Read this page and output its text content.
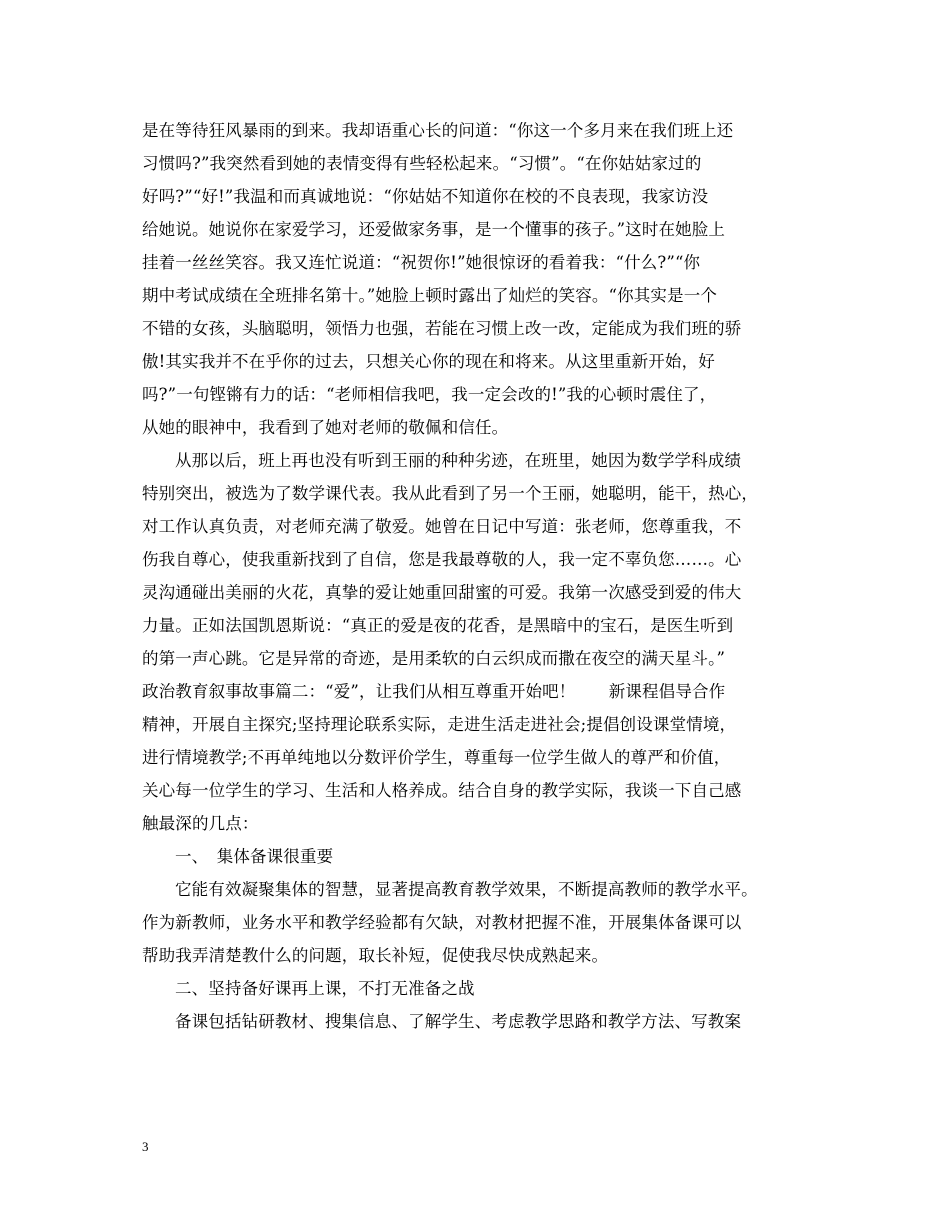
是在等待狂风暴雨的到来。我却语重心长的问道：“你这一个多月来在我们班上还
习惯吗?”我突然看到她的表情变得有些轻松起来。“习惯”。“在你姑姑家过的
好吗?”“好!”我温和而真诚地说：“你姑姑不知道你在校的不良表现，我家访没
给她说。她说你在家爱学习，还爱做家务事，是一个懂事的孩子。”这时在她脸上
挂着一丝丝笑容。我又连忙说道：“祝贺你!”她很惊讶的看着我：“什么?”“你
期中考试成绩在全班排名第十。”她脸上顿时露出了灿烂的笑容。“你其实是一个
不错的女孩，头脑聪明，领悟力也强，若能在习惯上改一改，定能成为我们班的骄
傲!其实我并不在乎你的过去，只想关心你的现在和将来。从这里重新开始，好
吗?”一句铿锵有力的话：“老师相信我吧，我一定会改的!”我的心顿时震住了，
从她的眼神中，我看到了她对老师的敬佩和信任。
从那以后，班上再也没有听到王丽的种种劣迹，在班里，她因为数学学科成绩
特别突出，被选为了数学课代表。我从此看到了另一个王丽，她聪明，能干，热心，
对工作认真负责，对老师充满了敬爱。她曾在日记中写道：张老师，您尊重我，不
伤我自尊心，使我重新找到了自信，您是我最尊敬的人，我一定不辜负您……。心
灵沟通碰出美丽的火花，真挚的爱让她重回甜蜜的可爱。我第一次感受到爱的伟大
力量。正如法国凯恩斯说：“真正的爱是夜的花香，是黑暗中的宝石，是医生听到
的第一声心跳。它是异常的奇迹，是用柔软的白云织成而撒在夜空的满天星斗。”
政治教育叙事故事篇二：“爱”，让我们从相互尊重开始吧！　　新课程倡导合作
精神，开展自主探究;坚持理论联系实际，走进生活走进社会;提倡创设课堂情境，
进行情境教学;不再单纯地以分数评价学生，尊重每一位学生做人的尊严和价值，
关心每一位学生的学习、生活和人格养成。结合自身的教学实际，我谈一下自己感
触最深的几点：
一、　集体备课很重要
它能有效凝聚集体的智慧，显著提高教育教学效果，不断提高教师的教学水平。
作为新教师，业务水平和教学经验都有欠缺，对教材把握不准，开展集体备课可以
帮助我弄清楚教什么的问题，取长补短，促使我尽快成熟起来。
二、坚持备好课再上课，不打无准备之战
备课包括钻研教材、搜集信息、了解学生、考虑教学思路和教学方法、写教案
3
